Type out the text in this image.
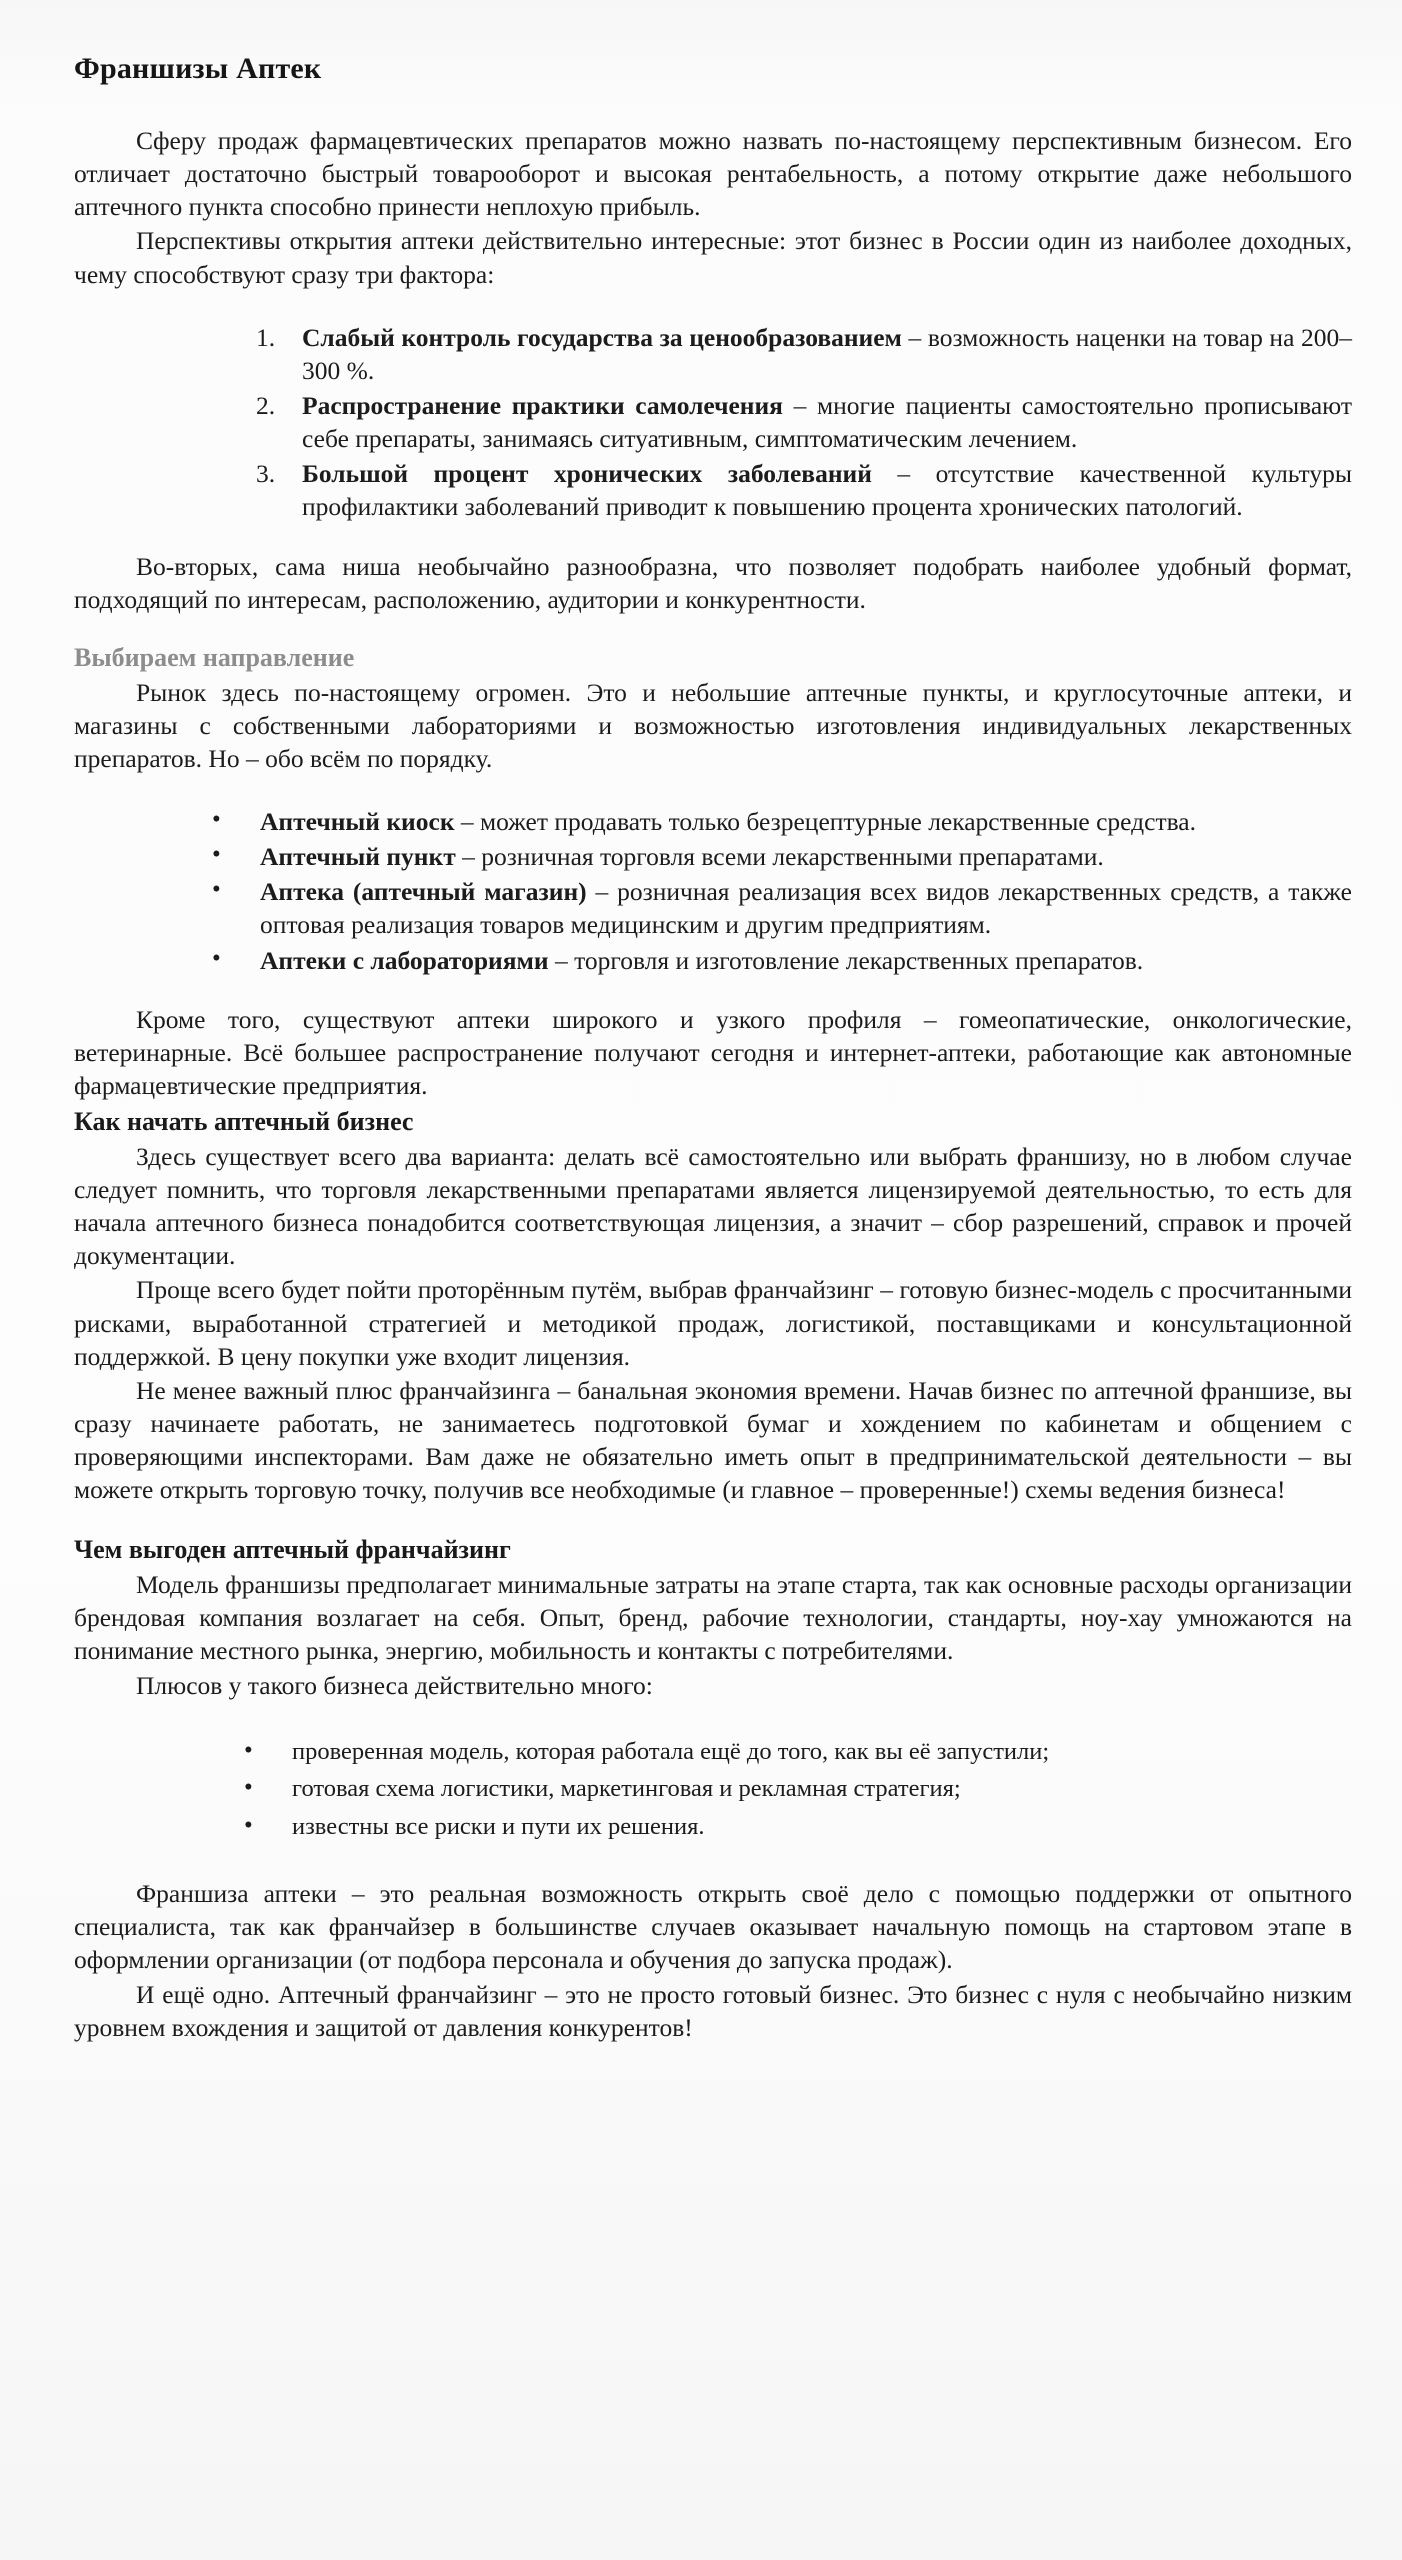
Франшизы Аптек

Сферу продаж фармацевтических препаратов можно назвать по-настоящему перспективным бизнесом. Его отличает достаточно быстрый товарооборот и высокая рентабельность, а потому открытие даже небольшого аптечного пункта способно принести неплохую прибыль.

Перспективы открытия аптеки действительно интересные: этот бизнес в России один из наиболее доходных, чему способствуют сразу три фактора:

Слабый контроль государства за ценообразованием – возможность наценки на товар на 200–300 %.
Распространение практики самолечения – многие пациенты самостоятельно прописывают себе препараты, занимаясь ситуативным, симптоматическим лечением.
Большой процент хронических заболеваний – отсутствие качественной культуры профилактики заболеваний приводит к повышению процента хронических патологий.

Во-вторых, сама ниша необычайно разнообразна, что позволяет подобрать наиболее удобный формат, подходящий по интересам, расположению, аудитории и конкурентности.

Выбираем направление

Рынок здесь по-настоящему огромен. Это и небольшие аптечные пункты, и круглосуточные аптеки, и магазины с собственными лабораториями и возможностью изготовления индивидуальных лекарственных препаратов. Но – обо всём по порядку.

• Аптечный киоск – может продавать только безрецептурные лекарственные средства.
• Аптечный пункт – розничная торговля всеми лекарственными препаратами.
• Аптека (аптечный магазин) – розничная реализация всех видов лекарственных средств, а также оптовая реализация товаров медицинским и другим предприятиям.
• Аптеки с лабораториями – торговля и изготовление лекарственных препаратов.

Кроме того, существуют аптеки широкого и узкого профиля – гомеопатические, онкологические, ветеринарные. Всё большее распространение получают сегодня и интернет-аптеки, работающие как автономные фармацевтические предприятия.

Как начать аптечный бизнес

Здесь существует всего два варианта: делать всё самостоятельно или выбрать франшизу, но в любом случае следует помнить, что торговля лекарственными препаратами является лицензируемой деятельностью, то есть для начала аптечного бизнеса понадобится соответствующая лицензия, а значит – сбор разрешений, справок и прочей документации.

Проще всего будет пойти проторённым путём, выбрав франчайзинг – готовую бизнес-модель с просчитанными рисками, выработанной стратегией и методикой продаж, логистикой, поставщиками и консультационной поддержкой. В цену покупки уже входит лицензия.

Не менее важный плюс франчайзинга – банальная экономия времени. Начав бизнес по аптечной франшизе, вы сразу начинаете работать, не занимаетесь подготовкой бумаг и хождением по кабинетам и общением с проверяющими инспекторами. Вам даже не обязательно иметь опыт в предпринимательской деятельности – вы можете открыть торговую точку, получив все необходимые (и главное – проверенные!) схемы ведения бизнеса!

Чем выгоден аптечный франчайзинг

Модель франшизы предполагает минимальные затраты на этапе старта, так как основные расходы организации брендовая компания возлагает на себя. Опыт, бренд, рабочие технологии, стандарты, ноу-хау умножаются на понимание местного рынка, энергию, мобильность и контакты с потребителями.

Плюсов у такого бизнеса действительно много:

• проверенная модель, которая работала ещё до того, как вы её запустили;
• готовая схема логистики, маркетинговая и рекламная стратегия;
• известны все риски и пути их решения.

Франшиза аптеки – это реальная возможность открыть своё дело с помощью поддержки от опытного специалиста, так как франчайзер в большинстве случаев оказывает начальную помощь на стартовом этапе в оформлении организации (от подбора персонала и обучения до запуска продаж).

И ещё одно. Аптечный франчайзинг – это не просто готовый бизнес. Это бизнес с нуля с необычайно низким уровнем вхождения и защитой от давления конкурентов!
